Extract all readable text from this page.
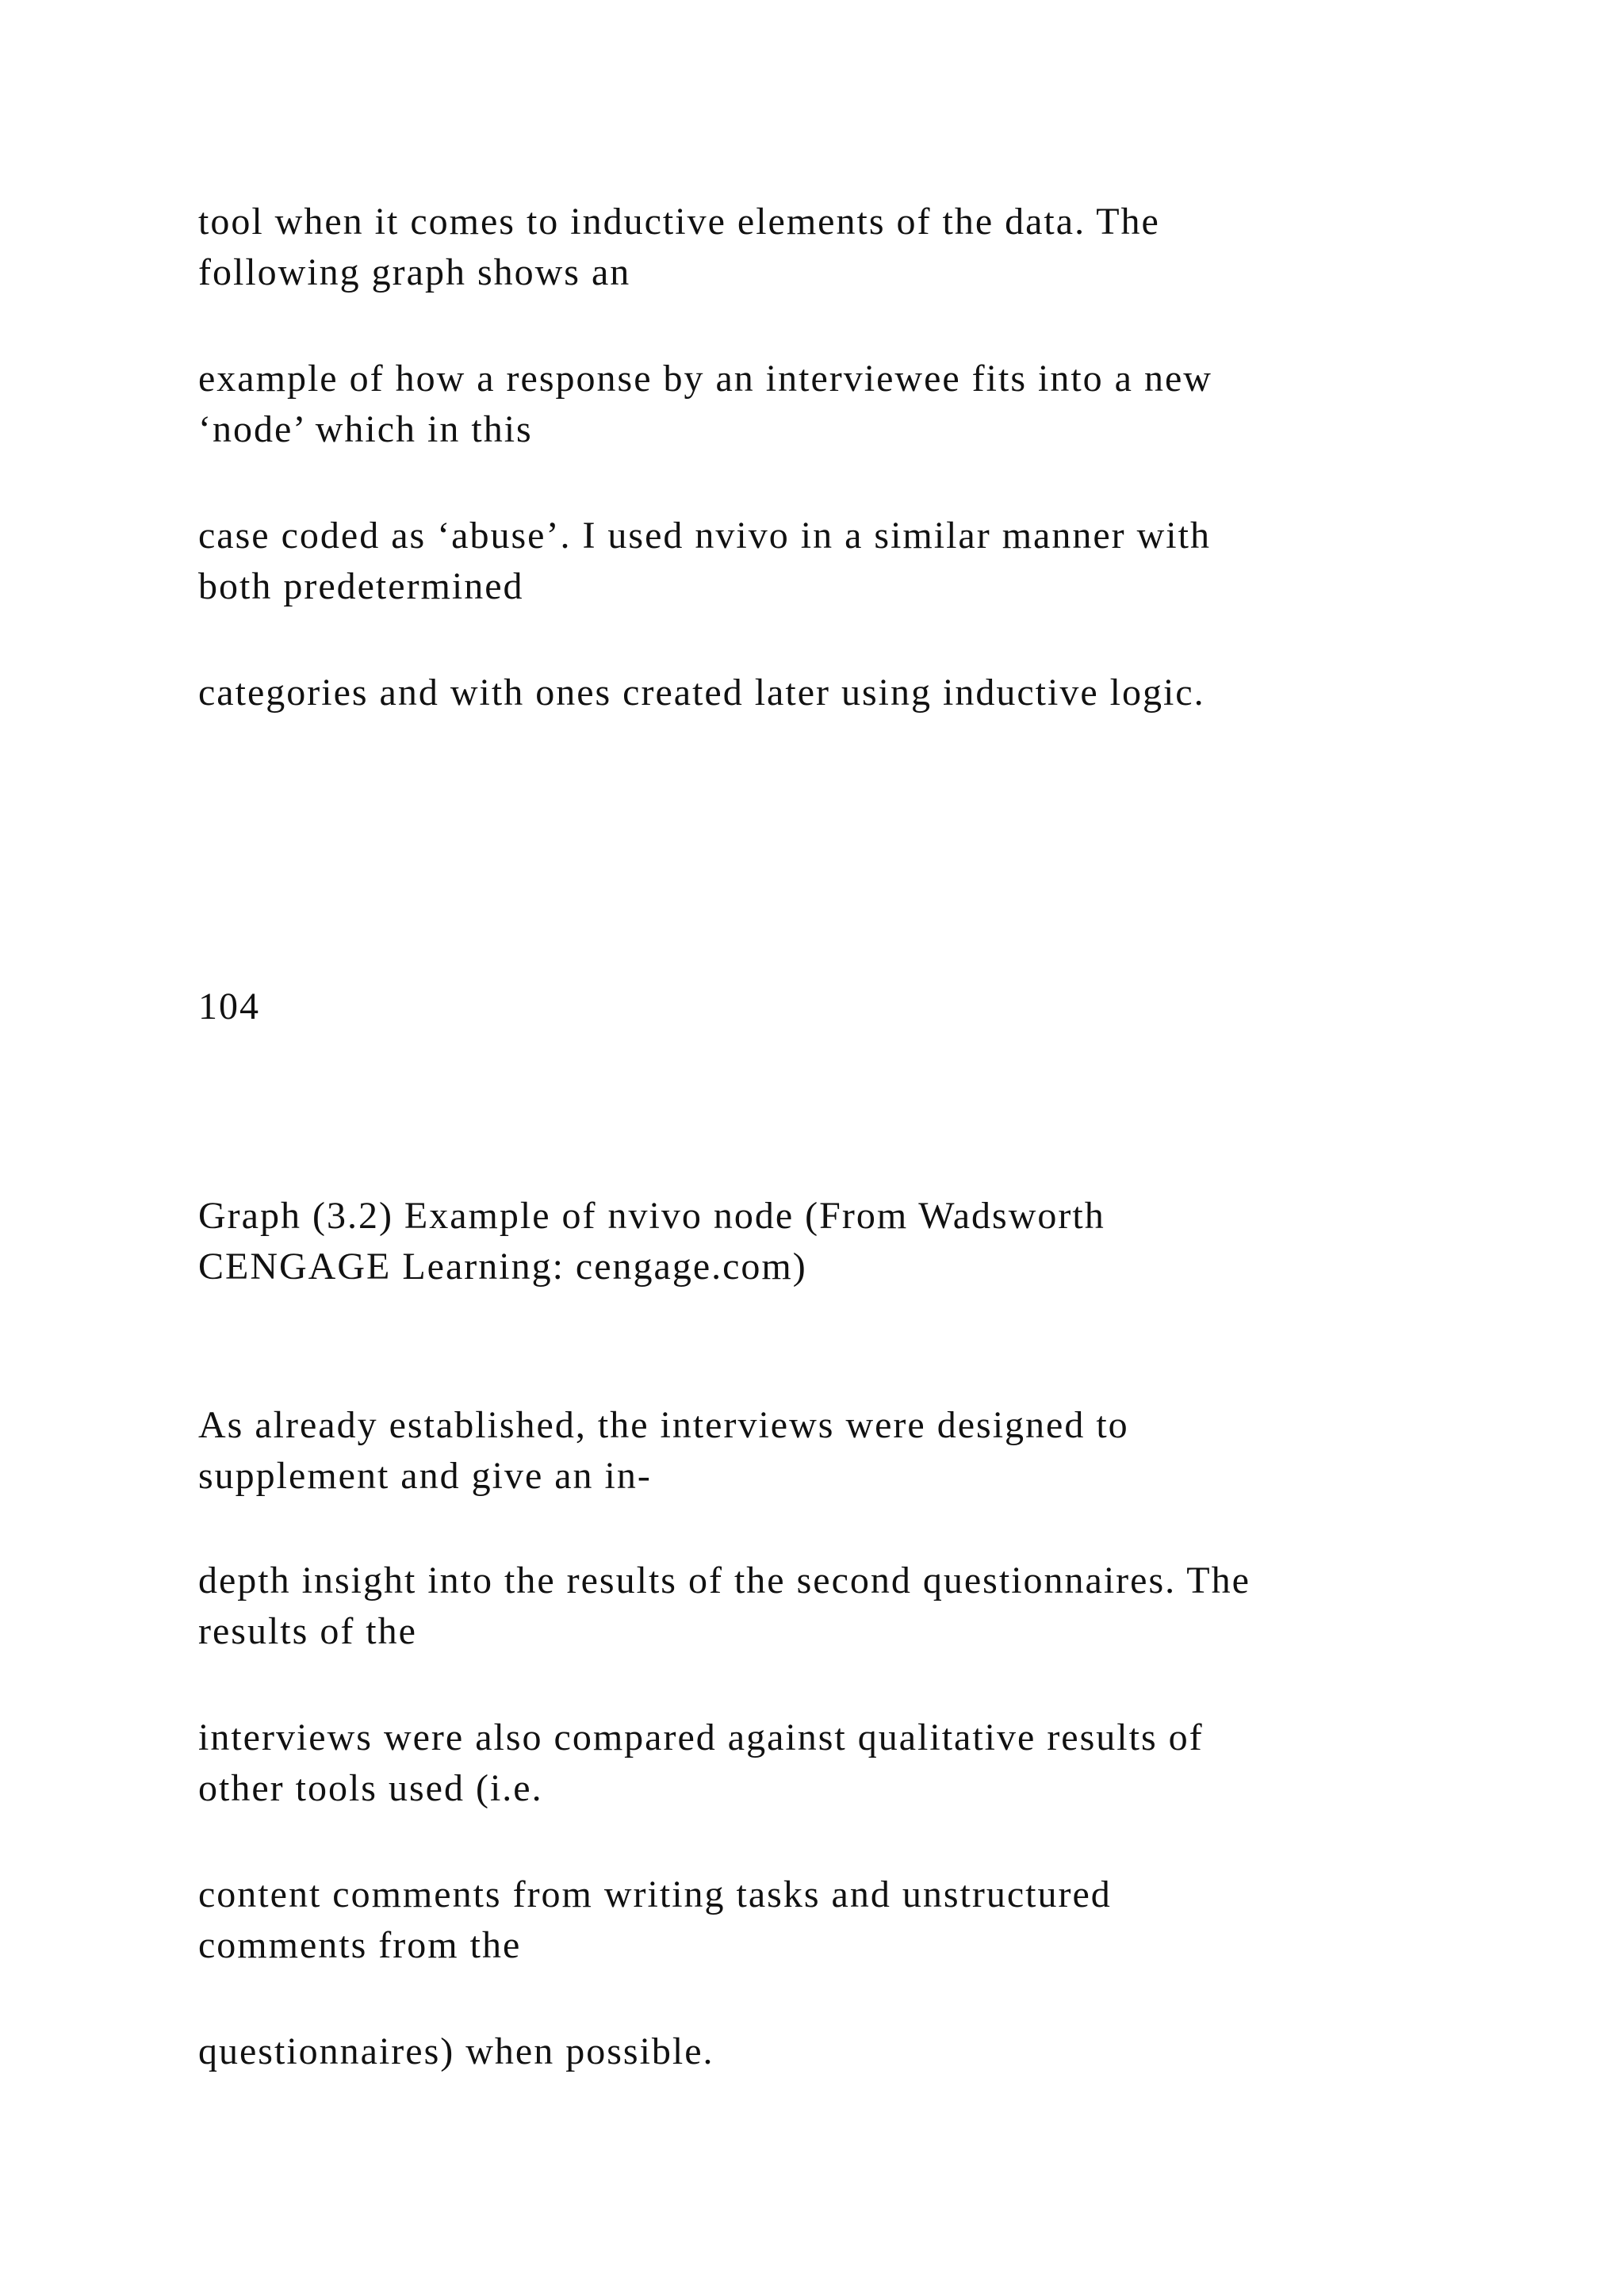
tool when it comes to inductive elements of the data. The

following graph shows an

example of how a response by an interviewee fits into a new

‘node’ which in this

case coded as ‘abuse’. I used nvivo in a similar manner with

both predetermined

categories and with ones created later using inductive logic.

104

Graph (3.2) Example of nvivo node (From Wadsworth

CENGAGE Learning: cengage.com)

As already established, the interviews were designed to

supplement and give an in-

depth insight into the results of the second questionnaires. The

results of the

interviews were also compared against qualitative results of

other tools used (i.e.

content comments from writing tasks and unstructured

comments from the

questionnaires) when possible.
